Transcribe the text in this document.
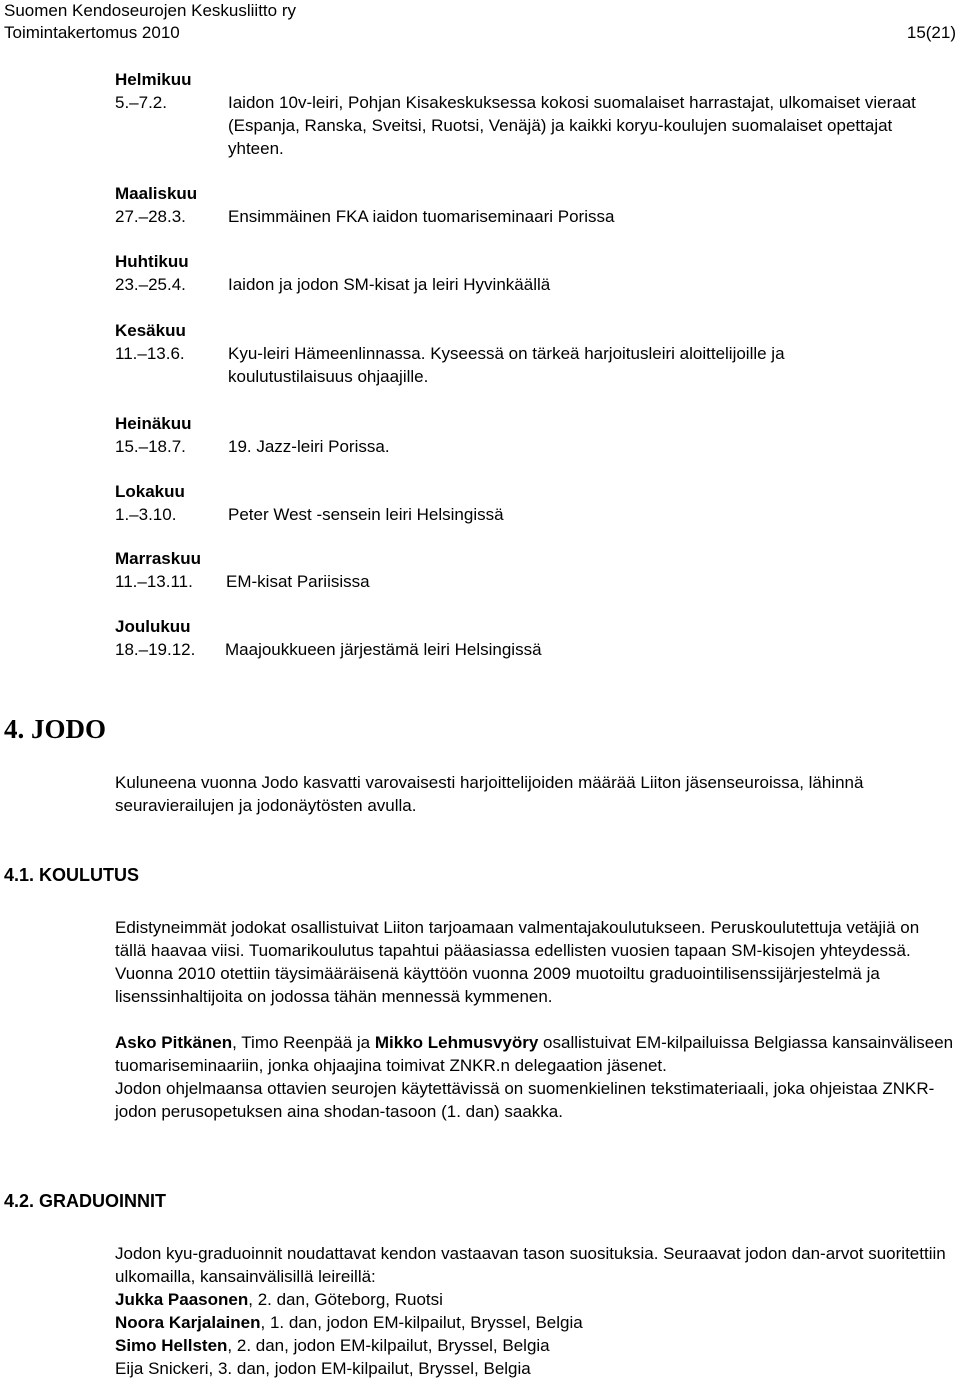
Suomen Kendoseurojen Keskusliitto ry
Toimintakertomus 2010	15(21)
Helmikuu
5.–7.2.	Iaidon 10v-leiri, Pohjan Kisakeskuksessa kokosi suomalaiset harrastajat, ulkomaiset vieraat (Espanja, Ranska, Sveitsi, Ruotsi, Venäjä) ja kaikki koryu-koulujen suomalaiset opettajat yhteen.
Maaliskuu
27.–28.3.	Ensimmäinen FKA iaidon tuomariseminaari Porissa
Huhtikuu
23.–25.4.	Iaidon ja jodon SM-kisat ja leiri Hyvinkäällä
Kesäkuu
11.–13.6.	Kyu-leiri Hämeenlinnassa. Kyseessä on tärkeä harjoitusleiri aloittelijoille ja koulutustilaisuus ohjaajille.
Heinäkuu
15.–18.7.	19. Jazz-leiri Porissa.
Lokakuu
1.–3.10.	Peter West -sensein leiri Helsingissä
Marraskuu
11.–13.11.	EM-kisat Pariisissa
Joulukuu
18.–19.12.	Maajoukkueen järjestämä leiri Helsingissä
4. JODO

Kuluneena vuonna Jodo kasvatti varovaisesti harjoittelijoiden määrää Liiton jäsenseuroissa, lähinnä seuravierailujen ja jodonäytösten avulla.

4.1. KOULUTUS

Edistyneimmät jodokat osallistuivat Liiton tarjoamaan valmentajakoulutukseen. Peruskoulutettuja vetäjiä on tällä haavaa viisi. Tuomarikoulutus tapahtui pääasiassa edellisten vuosien tapaan SM-kisojen yhteydessä. Vuonna 2010 otettiin täysimääräisenä käyttöön vuonna 2009 muotoiltu graduointilisenssijärjestelmä ja lisenssinhaltijoita on jodossa tähän mennessä kymmenen.

Asko Pitkänen, Timo Reenpää ja Mikko Lehmusvyöry osallistuivat EM-kilpailuissa Belgiassa kansainväliseen tuomariseminaariin, jonka ohjaajina toimivat ZNKR.n delegaation jäsenet.

Jodon ohjelmaansa ottavien seurojen käytettävissä on suomenkielinen tekstimateriaali, joka ohjeistaa ZNKR-jodon perusopetuksen aina shodan-tasoon (1. dan) saakka.

4.2. GRADUOINNIT

Jodon kyu-graduoinnit noudattavat kendon vastaavan tason suosituksia. Seuraavat jodon dan-arvot suoritettiin ulkomailla, kansainvälisillä leireillä:

Jukka Paasonen, 2. dan, Göteborg, Ruotsi

Noora Karjalainen, 1. dan, jodon EM-kilpailut, Bryssel, Belgia

Simo Hellsten, 2. dan, jodon EM-kilpailut, Bryssel, Belgia

Eija Snickeri, 3. dan, jodon EM-kilpailut, Bryssel, Belgia
